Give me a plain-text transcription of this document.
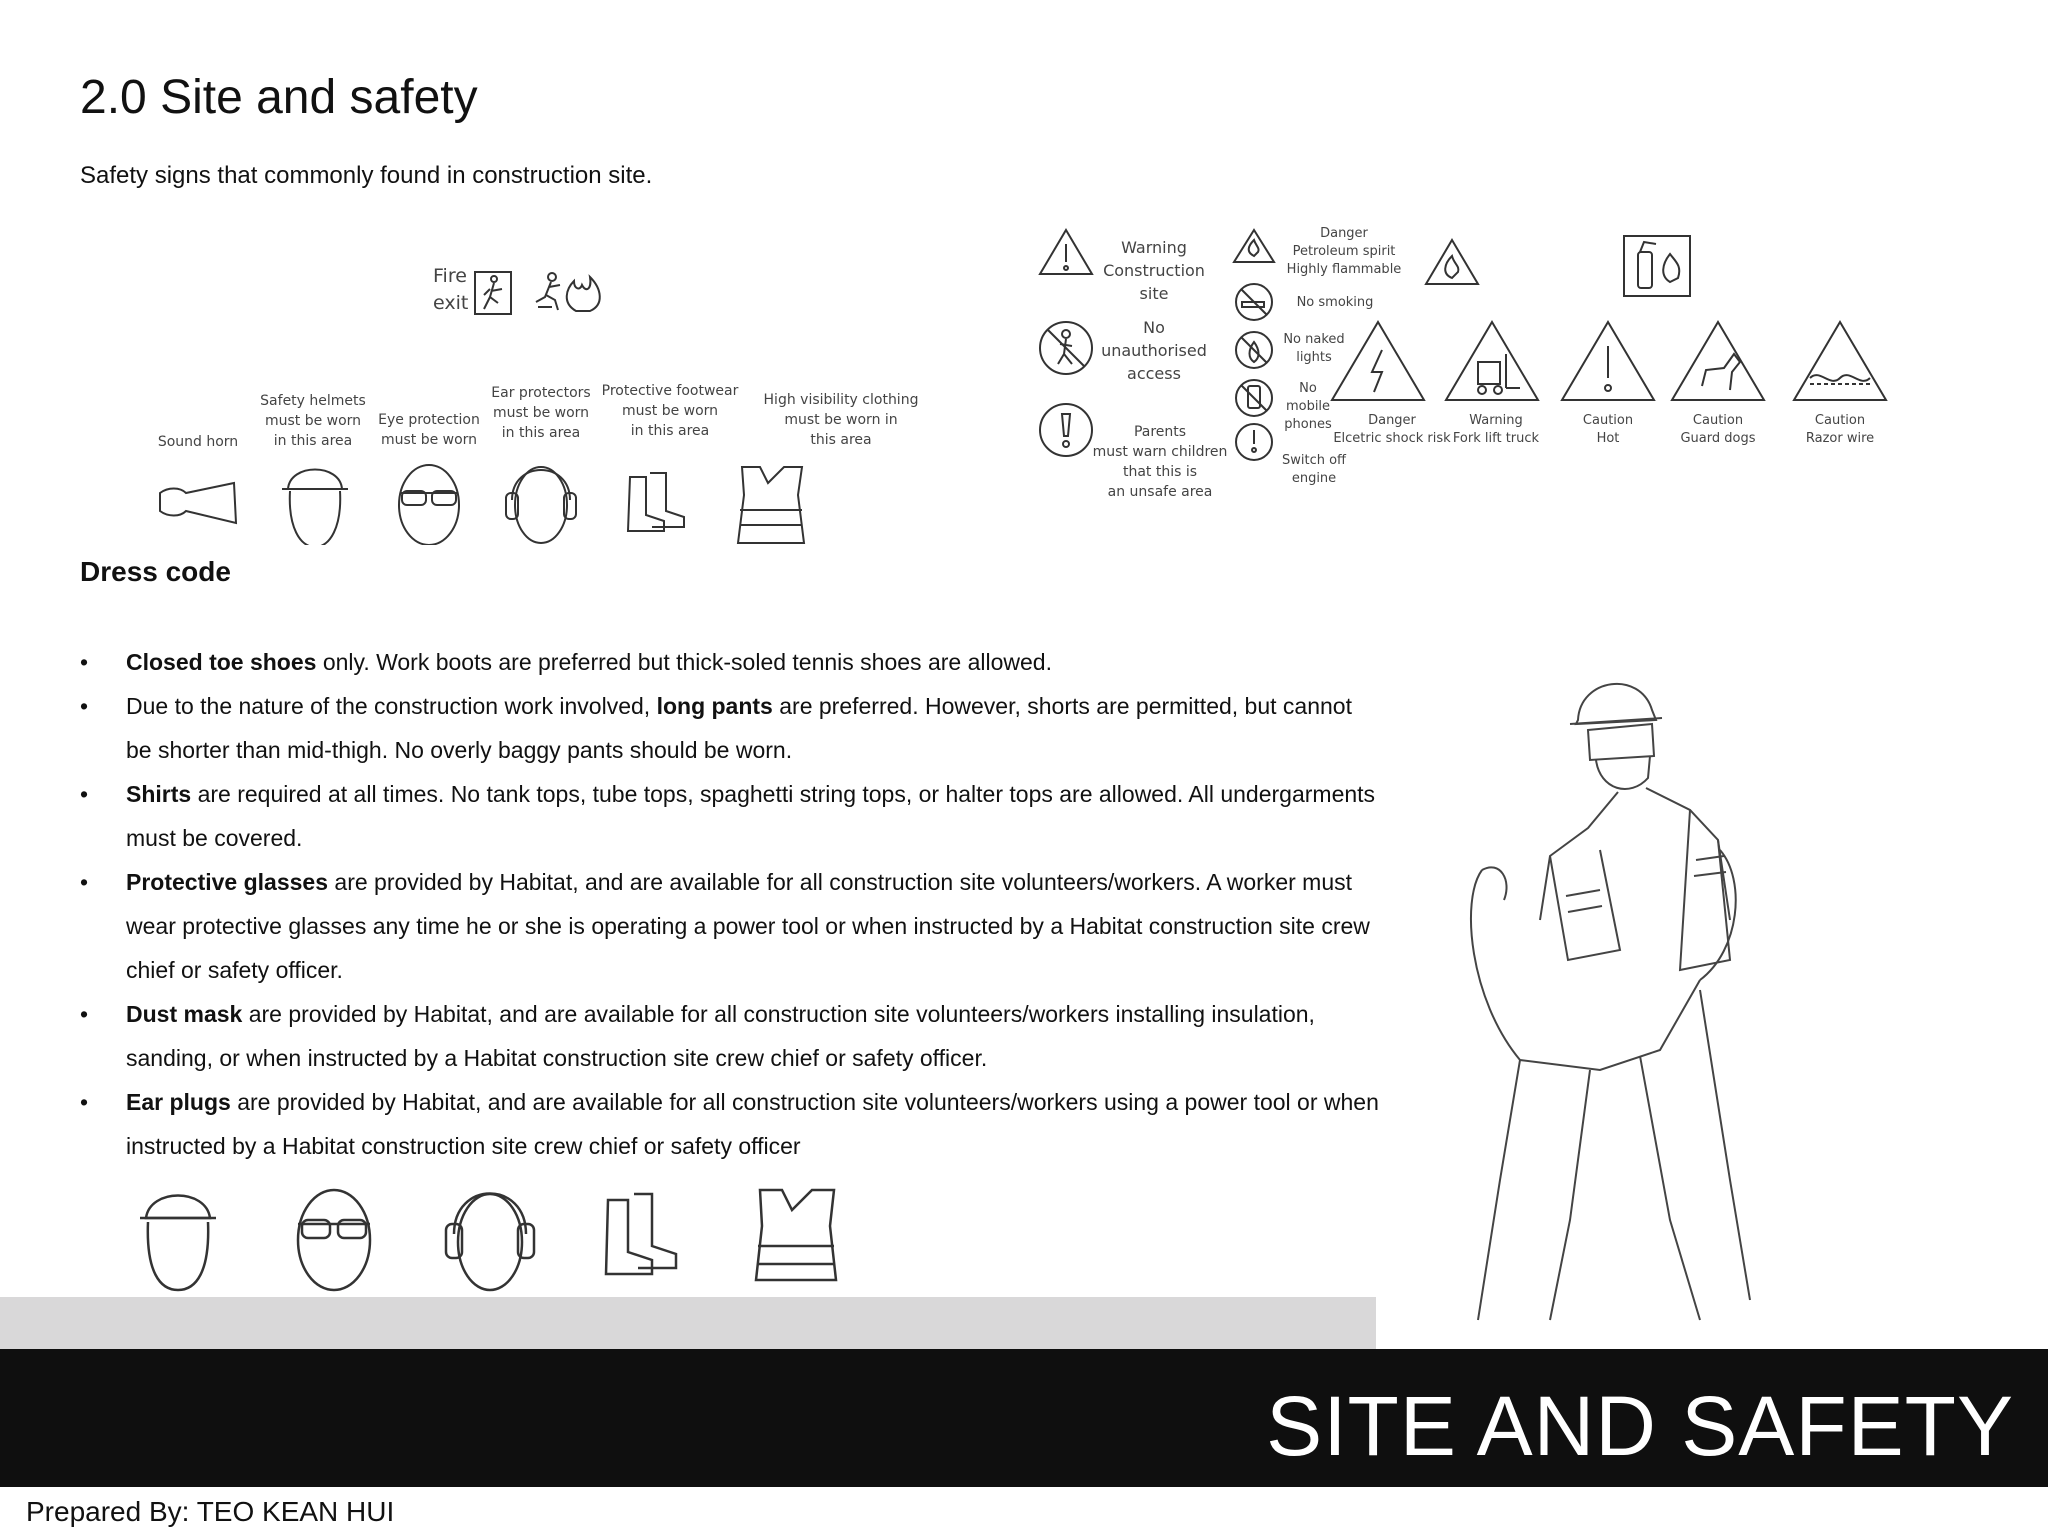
2.0 Site and safety
Safety signs that commonly found in construction site.
Fire
exit
Sound horn
Safety helmets
must be worn
in this area
Eye protection
must be worn
Ear protectors
must be worn
in this area
Protective footwear
must be worn
in this area
High visibility clothing
must be worn in
this area
Warning
Construction
site
No
unauthorised
access
Parents
must warn children
that this is
an unsafe area
Danger
Petroleum spirit
Highly flammable
No smoking
No naked
lights
No
mobile
phones
Switch off
engine
Danger
Elcetric shock risk
Warning
Fork lift truck
Caution
Hot
Caution
Guard dogs
Caution
Razor wire
Dress code
• Closed toe shoes only. Work boots are preferred but thick-soled tennis shoes are allowed.
• Due to the nature of the construction work involved, long pants are preferred. However, shorts are permitted, but cannot be shorter than mid-thigh. No overly baggy pants should be worn.
• Shirts are required at all times. No tank tops, tube tops, spaghetti string tops, or halter tops are allowed. All undergarments must be covered.
• Protective glasses are provided by Habitat, and are available for all construction site volunteers/workers. A worker must wear protective glasses any time he or she is operating a power tool or when instructed by a Habitat construction site crew chief or safety officer.
• Dust mask are provided by Habitat, and are available for all construction site volunteers/workers installing insulation, sanding, or when instructed by a Habitat construction site crew chief or safety officer.
• Ear plugs are provided by Habitat, and are available for all construction site volunteers/workers using a power tool or when instructed by a Habitat construction site crew chief or safety officer
SITE AND SAFETY
Prepared By: TEO KEAN HUI
